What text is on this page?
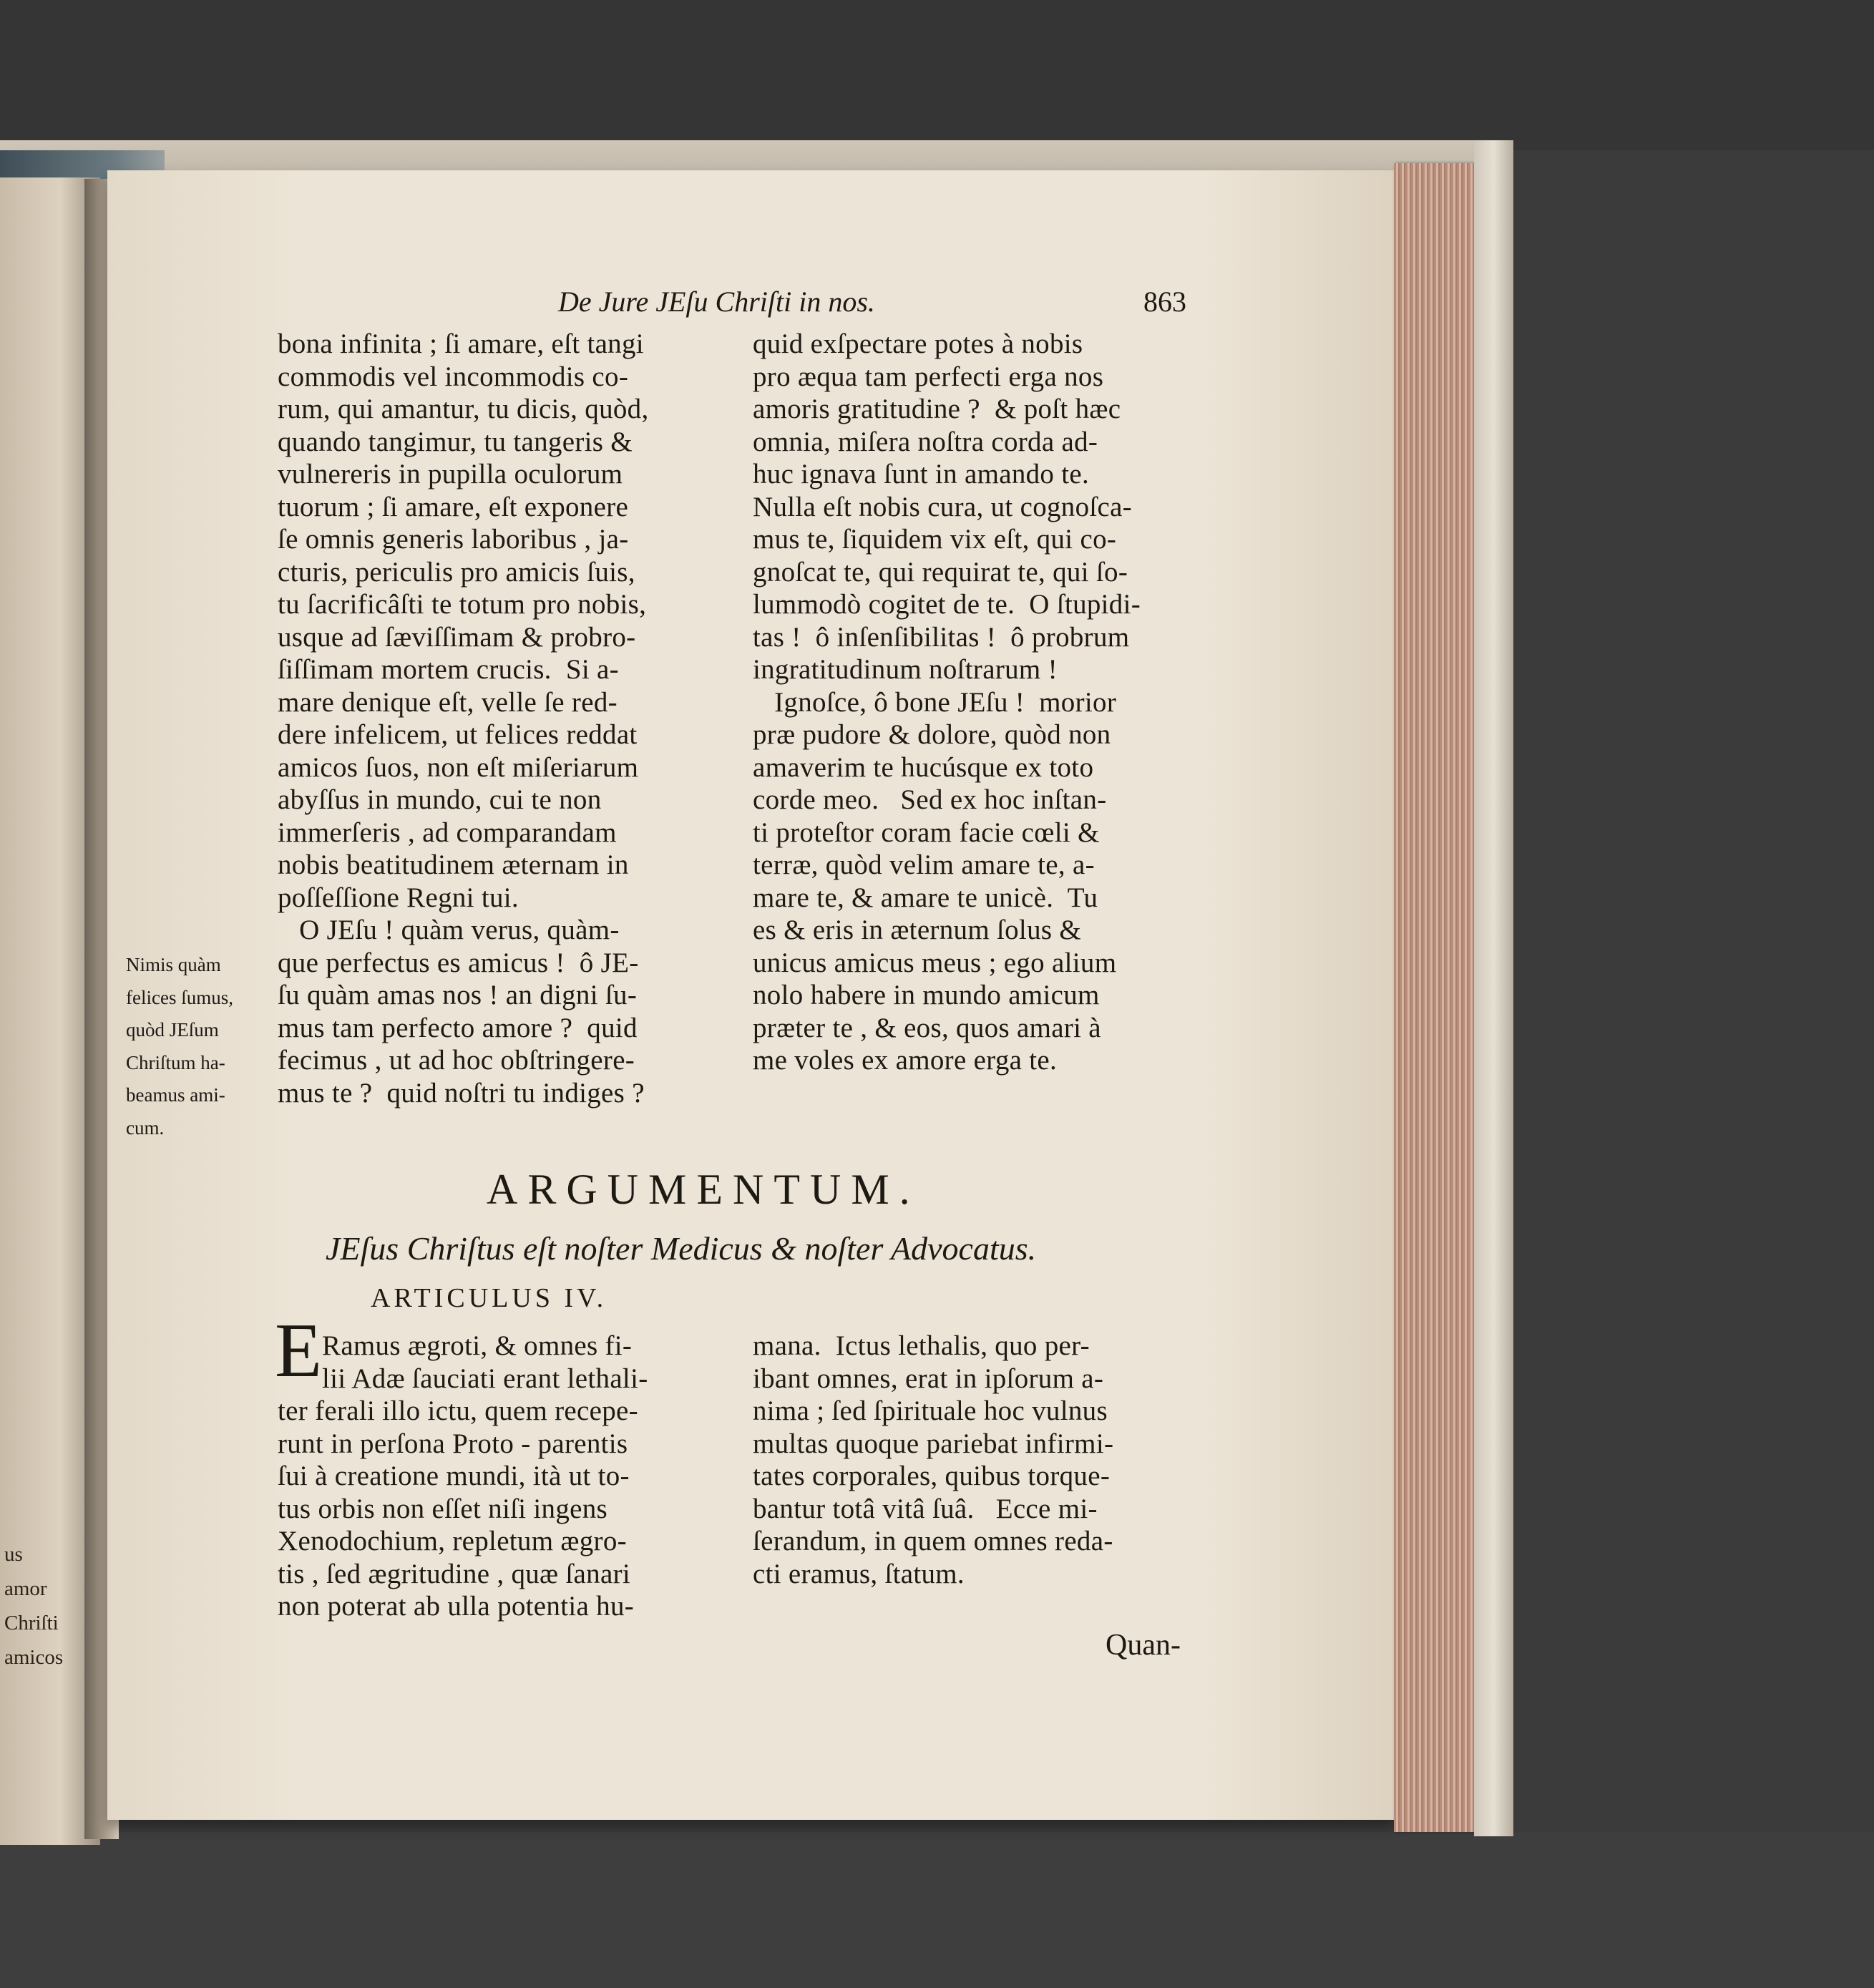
us amor
Chriſti
amicos
De Jure JEſu Chriſti in nos.	863
bona infinita ; ſi amare, eſt tangi
commodis vel incommodis co-
rum, qui amantur, tu dicis, quòd,
quando tangimur, tu tangeris &
vulnereris in pupilla oculorum
tuorum ; ſi amare, eſt exponere
ſe omnis generis laboribus , ja-
cturis, periculis pro amicis ſuis,
tu ſacrificâſti te totum pro nobis,
usque ad ſæviſſimam & probro-
ſiſſimam mortem crucis.  Si a-
mare denique eſt, velle ſe red-
dere infelicem, ut felices reddat
amicos ſuos, non eſt miſeriarum
abyſſus in mundo, cui te non
immerſeris , ad comparandam
nobis beatitudinem æternam in
poſſeſſione Regni tui.
O JEſu ! quàm verus, quàm-
que perfectus es amicus !  ô JE-
ſu quàm amas nos ! an digni ſu-
mus tam perfecto amore ?  quid
fecimus , ut ad hoc obſtringere-
mus te ?  quid noſtri tu indiges ?
quid exſpectare potes à nobis
pro æqua tam perfecti erga nos
amoris gratitudine ?  & poſt hæc
omnia, miſera noſtra corda ad-
huc ignava ſunt in amando te.
Nulla eſt nobis cura, ut cognoſca-
mus te, ſiquidem vix eſt, qui co-
gnoſcat te, qui requirat te, qui ſo-
lummodò cogitet de te.  O ſtupidi-
tas !  ô inſenſibilitas !  ô probrum
ingratitudinum noſtrarum !
Ignoſce, ô bone JEſu !  morior
præ pudore & dolore, quòd non
amaverim te hucúsque ex toto
corde meo.   Sed ex hoc inſtan-
ti proteſtor coram facie cœli &
terræ, quòd velim amare te, a-
mare te, & amare te unicè.  Tu
es & eris in æternum ſolus &
unicus amicus meus ; ego alium
nolo habere in mundo amicum
præter te , & eos, quos amari à
me voles ex amore erga te.
Nimis quàm
felices ſumus,
quòd JEſum
Chriſtum ha-
beamus ami-
cum.
ARGUMENTUM.
JEſus Chriſtus eſt noſter Medicus & noſter Advocatus.
ARTICULUS IV.
E Ramus ægroti, & omnes fi-
lii Adæ ſauciati erant lethali-
ter ferali illo ictu, quem recepe-
runt in perſona Proto - parentis
ſui à creatione mundi, ità ut to-
tus orbis non eſſet niſi ingens
Xenodochium, repletum ægro-
tis , ſed ægritudine , quæ ſanari
non poterat ab ulla potentia hu-
mana.  Ictus lethalis, quo per-
ibant omnes, erat in ipſorum a-
nima ; ſed ſpirituale hoc vulnus
multas quoque pariebat infirmi-
tates corporales, quibus torque-
bantur totâ vitâ ſuâ.   Ecce mi-
ſerandum, in quem omnes reda-
cti eramus, ſtatum.
Quan-
